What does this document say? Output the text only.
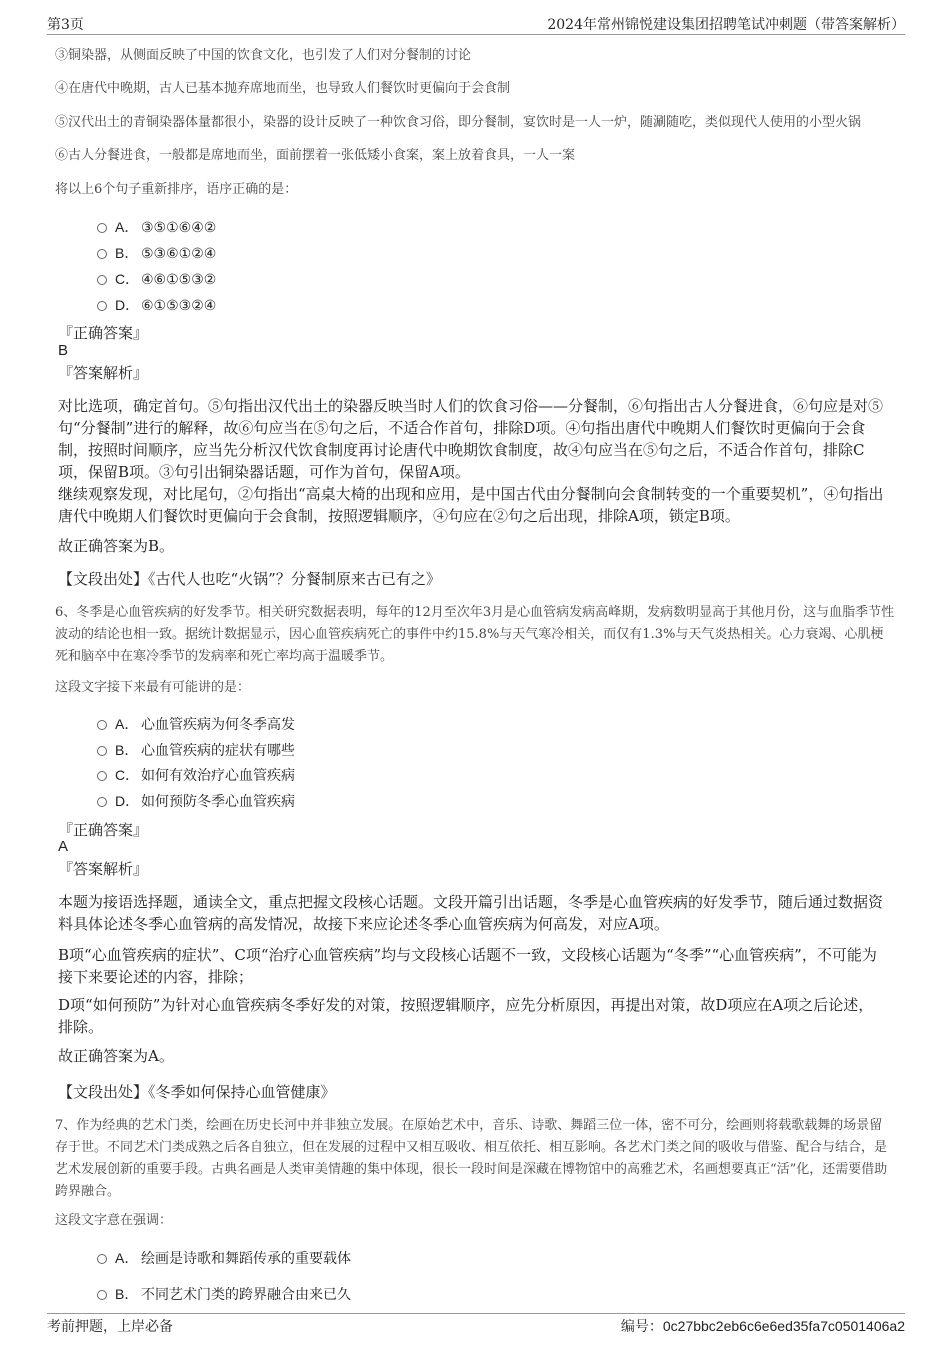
第3页	2024年常州锦悦建设集团招聘笔试冲刺题（带答案解析）
③铜染器，从侧面反映了中国的饮食文化，也引发了人们对分餐制的讨论
④在唐代中晚期，古人已基本抛弃席地而坐，也导致人们餐饮时更偏向于会食制
⑤汉代出土的青铜染器体量都很小，染器的设计反映了一种饮食习俗，即分餐制，宴饮时是一人一炉，随涮随吃，类似现代人使用的小型火锅
⑥古人分餐进食，一般都是席地而坐，面前摆着一张低矮小食案，案上放着食具，一人一案
将以上6个句子重新排序，语序正确的是：
A． ③⑤①⑥④②
B． ⑤③⑥①②④
C． ④⑥①⑤③②
D． ⑥①⑤③②④
『正确答案』
B
『答案解析』
对比选项，确定首句。⑤句指出汉代出土的染器反映当时人们的饮食习俗——分餐制，⑥句指出古人分餐进食，⑥句应是对⑤句“分餐制”进行的解释，故⑥句应当在⑤句之后，不适合作首句，排除D项。④句指出唐代中晚期人们餐饮时更偏向于会食制，按照时间顺序，应当先分析汉代饮食制度再讨论唐代中晚期饮食制度，故④句应当在⑤句之后，不适合作首句，排除C项，保留B项。③句引出铜染器话题，可作为首句，保留A项。
继续观察发现，对比尾句，②句指出“高桌大椅的出现和应用，是中国古代由分餐制向会食制转变的一个重要契机”，④句指出唐代中晚期人们餐饮时更偏向于会食制，按照逻辑顺序，④句应在②句之后出现，排除A项，锁定B项。
故正确答案为B。
【文段出处】《古代人也吃“火锅”？分餐制原来古已有之》
6、冬季是心血管疾病的好发季节。相关研究数据表明，每年的12月至次年3月是心血管病发病高峰期，发病数明显高于其他月份，这与血脂季节性波动的结论也相一致。据统计数据显示，因心血管疾病死亡的事件中约15.8%与天气寒冷相关，而仅有1.3%与天气炎热相关。心力衰竭、心肌梗死和脑卒中在寒冷季节的发病率和死亡率均高于温暖季节。
这段文字接下来最有可能讲的是：
A． 心血管疾病为何冬季高发
B． 心血管疾病的症状有哪些
C． 如何有效治疗心血管疾病
D． 如何预防冬季心血管疾病
『正确答案』
A
『答案解析』
本题为接语选择题，通读全文，重点把握文段核心话题。文段开篇引出话题，冬季是心血管疾病的好发季节，随后通过数据资料具体论述冬季心血管病的高发情况，故接下来应论述冬季心血管疾病为何高发，对应A项。
B项“心血管疾病的症状”、C项“治疗心血管疾病”均与文段核心话题不一致，文段核心话题为“冬季”“心血管疾病”，不可能为接下来要论述的内容，排除；
D项“如何预防”为针对心血管疾病冬季好发的对策，按照逻辑顺序，应先分析原因，再提出对策，故D项应在A项之后论述，排除。
故正确答案为A。
【文段出处】《冬季如何保持心血管健康》
7、作为经典的艺术门类，绘画在历史长河中并非独立发展。在原始艺术中，音乐、诗歌、舞蹈三位一体，密不可分，绘画则将载歌载舞的场景留存于世。不同艺术门类成熟之后各自独立，但在发展的过程中又相互吸收、相互依托、相互影响。各艺术门类之间的吸收与借鉴、配合与结合，是艺术发展创新的重要手段。古典名画是人类审美情趣的集中体现，很长一段时间是深藏在博物馆中的高雅艺术，名画想要真正“活”化，还需要借助跨界融合。
这段文字意在强调：
A． 绘画是诗歌和舞蹈传承的重要载体
B． 不同艺术门类的跨界融合由来已久
考前押题，上岸必备	编号：0c27bbc2eb6c6e6ed35fa7c0501406a2
